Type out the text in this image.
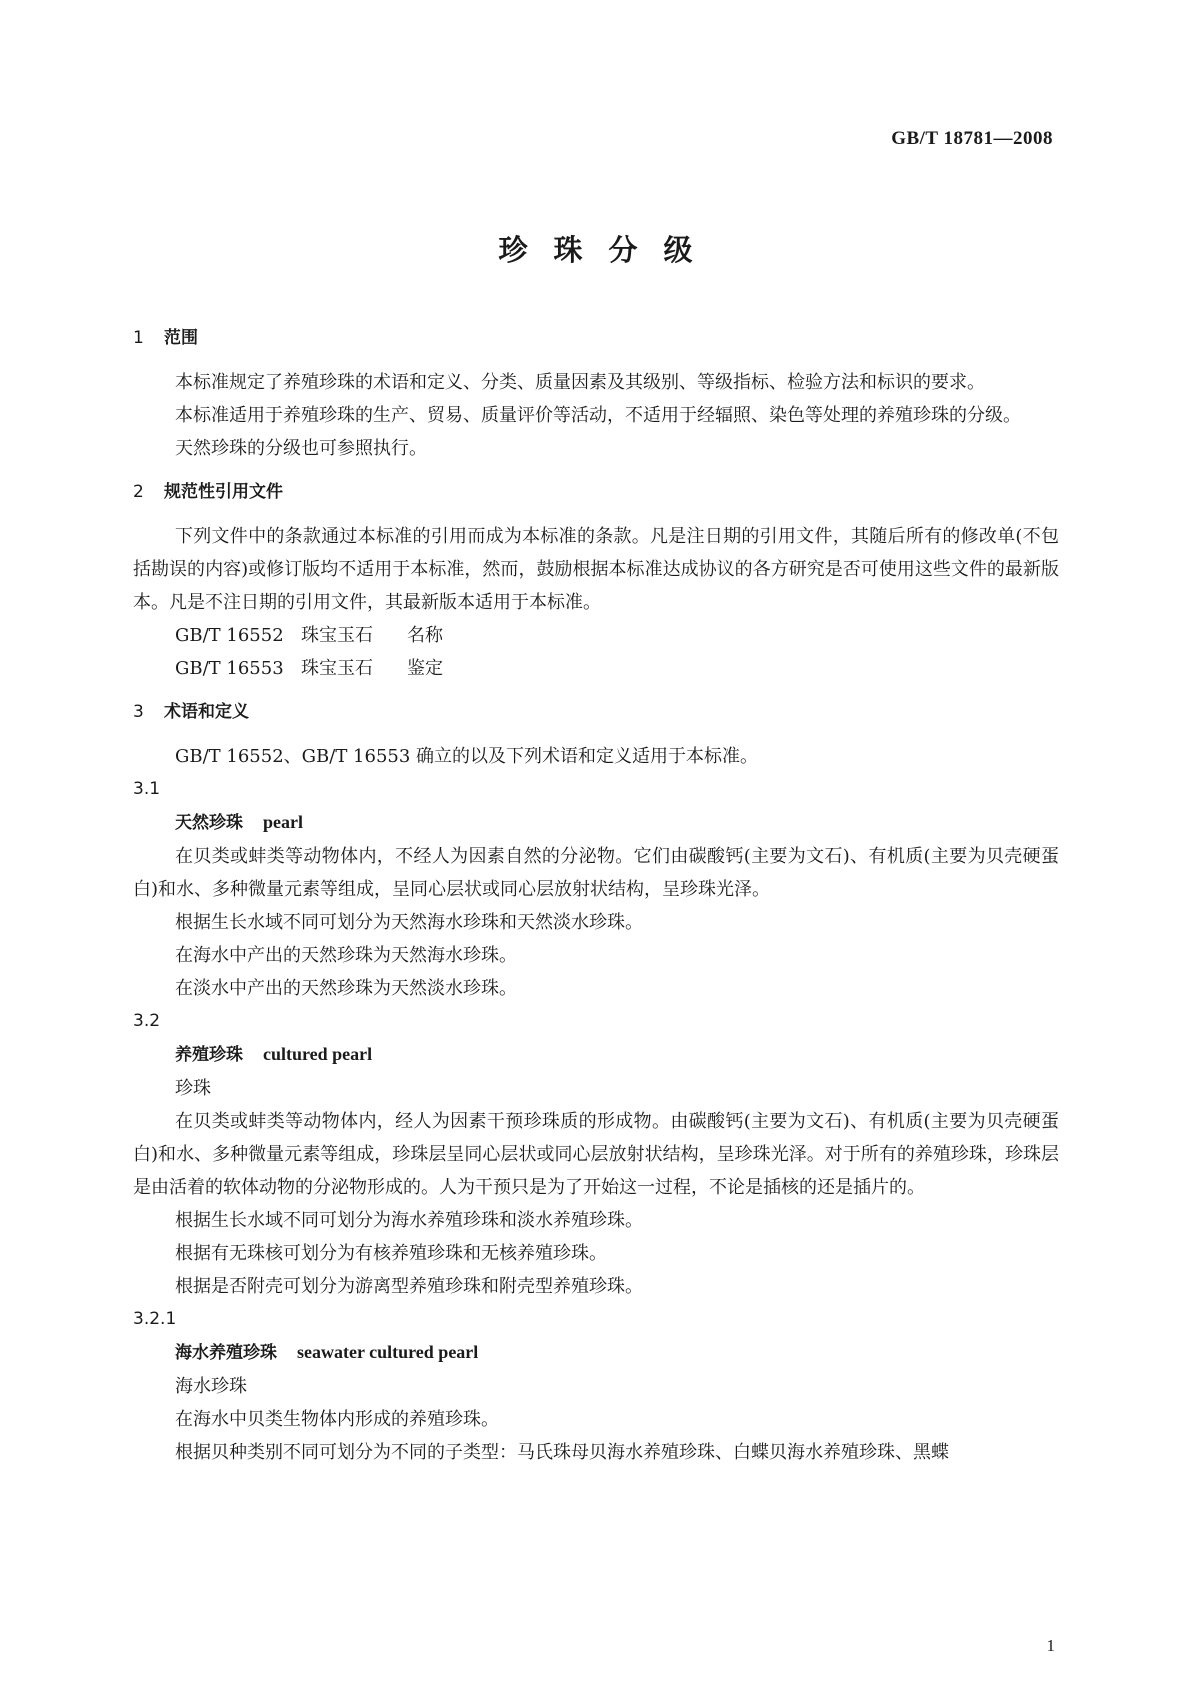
GB/T 18781—2008
珍珠分级
1 范围

本标准规定了养殖珍珠的术语和定义、分类、质量因素及其级别、等级指标、检验方法和标识的要求。

本标准适用于养殖珍珠的生产、贸易、质量评价等活动，不适用于经辐照、染色等处理的养殖珍珠的分级。

天然珍珠的分级也可参照执行。

2 规范性引用文件

下列文件中的条款通过本标准的引用而成为本标准的条款。凡是注日期的引用文件，其随后所有的修改单(不包括勘误的内容)或修订版均不适用于本标准，然而，鼓励根据本标准达成协议的各方研究是否可使用这些文件的最新版本。凡是不注日期的引用文件，其最新版本适用于本标准。

GB/T 16552 珠宝玉石 名称

GB/T 16553 珠宝玉石 鉴定

3 术语和定义

GB/T 16552、GB/T 16553 确立的以及下列术语和定义适用于本标准。

3.1

天然珍珠 pearl

在贝类或蚌类等动物体内，不经人为因素自然的分泌物。它们由碳酸钙(主要为文石)、有机质(主要为贝壳硬蛋白)和水、多种微量元素等组成，呈同心层状或同心层放射状结构，呈珍珠光泽。

根据生长水域不同可划分为天然海水珍珠和天然淡水珍珠。

在海水中产出的天然珍珠为天然海水珍珠。

在淡水中产出的天然珍珠为天然淡水珍珠。

3.2

养殖珍珠 cultured pearl

珍珠

在贝类或蚌类等动物体内，经人为因素干预珍珠质的形成物。由碳酸钙(主要为文石)、有机质(主要为贝壳硬蛋白)和水、多种微量元素等组成，珍珠层呈同心层状或同心层放射状结构，呈珍珠光泽。对于所有的养殖珍珠，珍珠层是由活着的软体动物的分泌物形成的。人为干预只是为了开始这一过程，不论是插核的还是插片的。

根据生长水域不同可划分为海水养殖珍珠和淡水养殖珍珠。

根据有无珠核可划分为有核养殖珍珠和无核养殖珍珠。

根据是否附壳可划分为游离型养殖珍珠和附壳型养殖珍珠。

3.2.1

海水养殖珍珠 seawater cultured pearl

海水珍珠

在海水中贝类生物体内形成的养殖珍珠。

根据贝种类别不同可划分为不同的子类型：马氏珠母贝海水养殖珍珠、白蝶贝海水养殖珍珠、黑蝶

1
